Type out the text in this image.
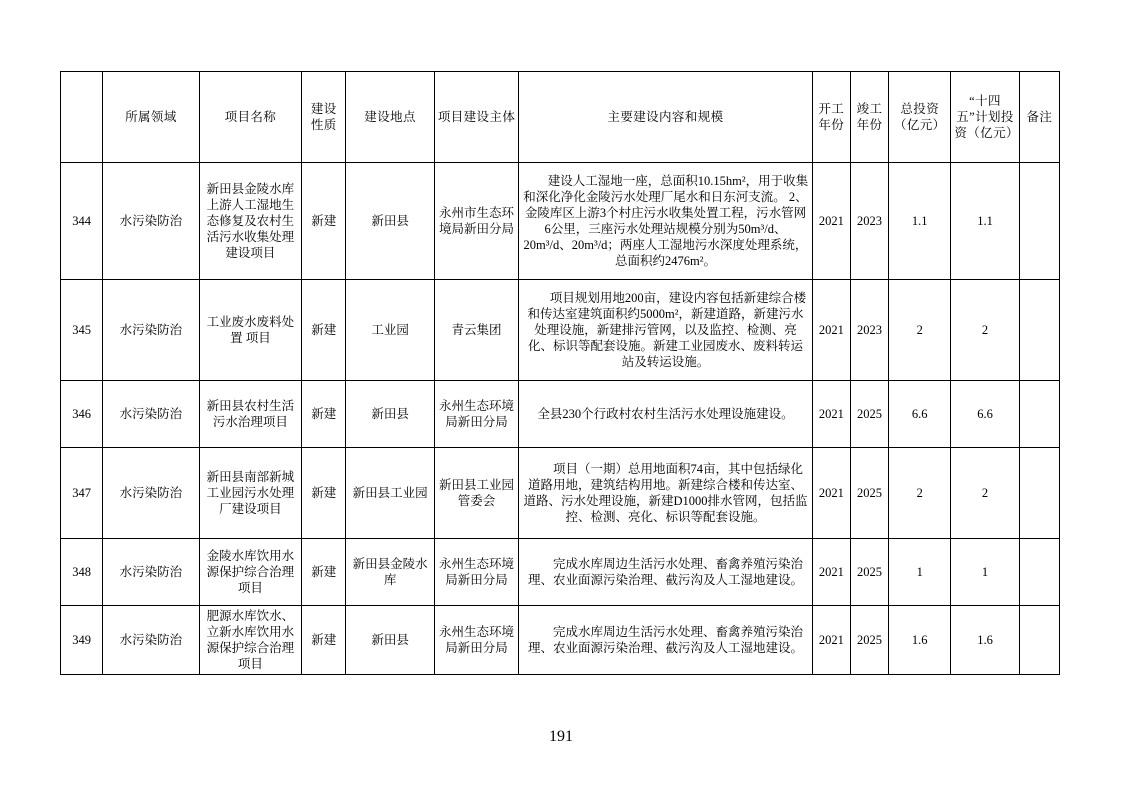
	所属领域	项目名称	建设性质	建设地点	项目建设主体	主要建设内容和规模	开工年份	竣工年份	总投资（亿元）	“十四五”计划投资（亿元）	备注
344	水污染防治	新田县金陵水库上游人工湿地生态修复及农村生活污水收集处理建设项目	新建	新田县	永州市生态环境局新田分局	建设人工湿地一座，总面积10.15hm²，用于收集和深化净化金陵污水处理厂尾水和日东河支流。 2、金陵库区上游3个村庄污水收集处置工程，污水管网6公里，三座污水处理站规模分别为50m³/d、20m³/d、20m³/d；两座人工湿地污水深度处理系统，总面积约2476m²。	2021	2023	1.1	1.1	
345	水污染防治	工业废水废料处置 项目	新建	工业园	青云集团	项目规划用地200亩，建设内容包括新建综合楼和传达室建筑面积约5000m²，新建道路，新建污水处理设施，新建排污管网，以及监控、检测、亮化、标识等配套设施。新建工业园废水、废料转运站及转运设施。	2021	2023	2	2	
346	水污染防治	新田县农村生活污水治理项目	新建	新田县	永州生态环境局新田分局	全县230个行政村农村生活污水处理设施建设。	2021	2025	6.6	6.6	
347	水污染防治	新田县南部新城工业园污水处理厂建设项目	新建	新田县工业园	新田县工业园管委会	项目（一期）总用地面积74亩，其中包括绿化道路用地，建筑结构用地。新建综合楼和传达室、道路、污水处理设施，新建D1000排水管网，包括监控、检测、亮化、标识等配套设施。	2021	2025	2	2	
348	水污染防治	金陵水库饮用水源保护综合治理项目	新建	新田县金陵水库	永州生态环境局新田分局	完成水库周边生活污水处理、畜禽养殖污染治理、农业面源污染治理、截污沟及人工湿地建设。	2021	2025	1	1	
349	水污染防治	肥源水库饮水、立新水库饮用水源保护综合治理项目	新建	新田县	永州生态环境局新田分局	完成水库周边生活污水处理、畜禽养殖污染治理、农业面源污染治理、截污沟及人工湿地建设。	2021	2025	1.6	1.6	
191
